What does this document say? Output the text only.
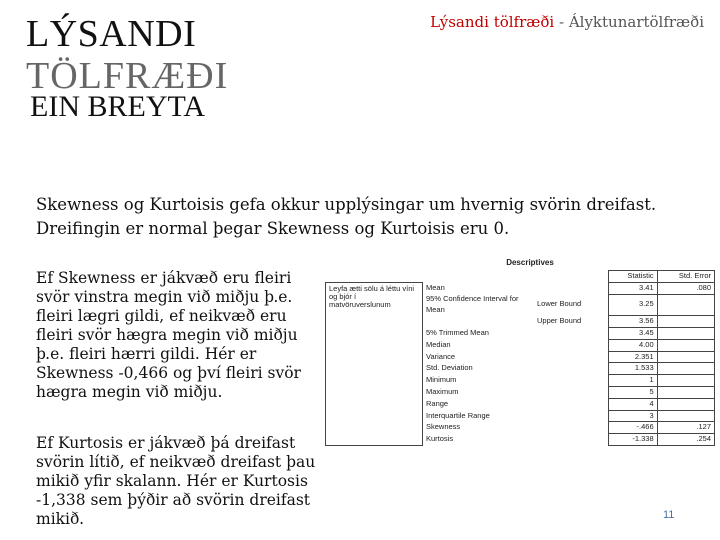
LÝSANDI
TÖLFRÆÐI
EIN BREYTA
Lýsandi tölfræði - Ályktunartölfræði
Skewness og Kurtoisis gefa okkur upplýsingar um hvernig svörin dreifast. Dreifingin er normal þegar Skewness og Kurtoisis eru 0.
Ef Skewness er jákvæð eru fleiri svör vinstra megin við miðju þ.e. fleiri lægri gildi, ef neikvæð eru fleiri svör hægra megin við miðju þ.e. fleiri hærri gildi. Hér er Skewness -0,466 og því fleiri svör hægra megin við miðju.
Ef Kurtosis er jákvæð þá dreifast svörin lítið, ef neikvæð dreifast þau mikið yfir skalann. Hér er Kurtosis -1,338 sem þýðir að svörin dreifast mikið.
Descriptives
			Statistic	Std. Error
Leyfa ætti sölu á léttu víni og bjór í matvöruverslunum	Mean		3.41	.080
	95% Confidence Interval for Mean	Lower Bound	3.25	
		Upper Bound	3.56	
	5% Trimmed Mean		3.45	
	Median		4.00	
	Variance		2.351	
	Std. Deviation		1.533	
	Minimum		1	
	Maximum		5	
	Range		4	
	Interquartile Range		3	
	Skewness		-.466	.127
	Kurtosis		-1.338	.254
11
